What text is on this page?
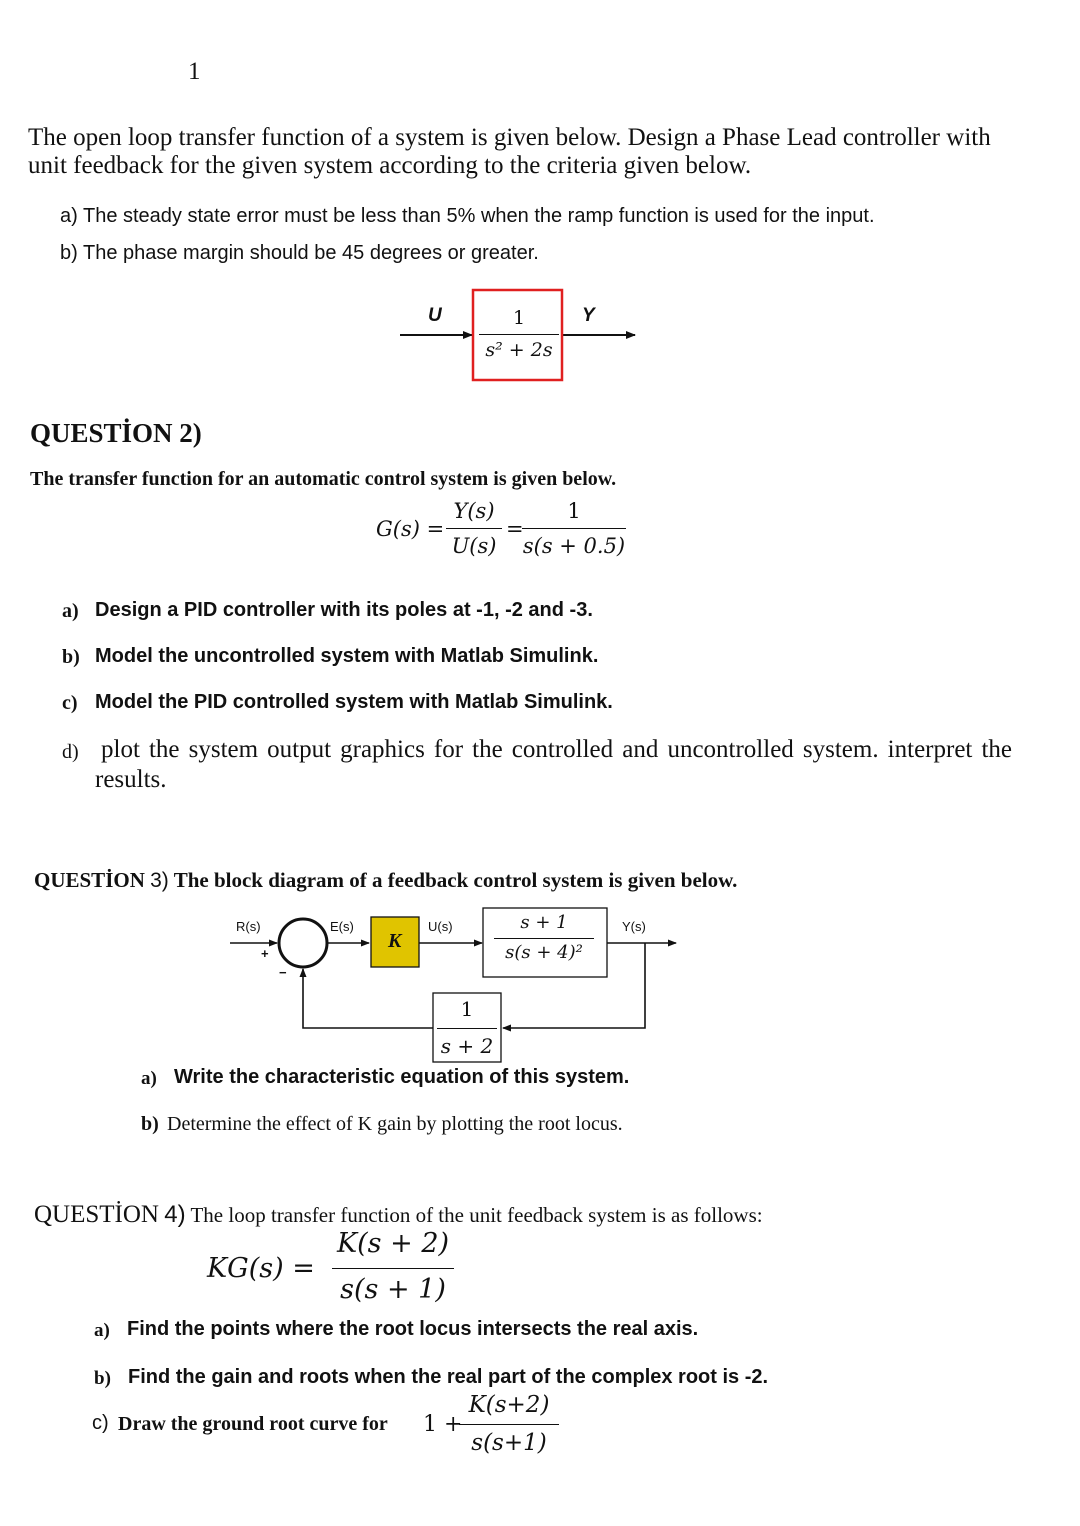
1
The open loop transfer function of a system is given below. Design a Phase Lead controller with
unit feedback for the given system according to the criteria given below.
a) The steady state error must be less than 5% when the ramp function is used for the input.
b) The phase margin should be 45 degrees or greater.
U	Y
1
s² + 2s
QUESTİON 2)
The transfer function for an automatic control system is given below.
G(s) =
Y(s)
U(s)
=
1
s(s + 0.5)
a) Design a PID controller with its poles at -1, -2 and -3.
b) Model the uncontrolled system with Matlab Simulink.
c) Model the PID controlled system with Matlab Simulink.
d) plot the system output graphics for the controlled and uncontrolled system. interpret the
results.
QUESTİON 3) The block diagram of a feedback control system is given below.
R(s)
+
−
E(s)
K
U(s)	Y(s)
s + 1
s(s + 4)²
1
s + 2
a) Write the characteristic equation of this system.
b) Determine the effect of K gain by plotting the root locus.
QUESTİON 4) The loop transfer function of the unit feedback system is as follows:
KG(s) =
K(s + 2)
s(s + 1)
a) Find the points where the root locus intersects the real axis.
b) Find the gain and roots when the real part of the complex root is -2.
c) Draw the ground root curve for 1 +
K(s+2)
s(s+1)
